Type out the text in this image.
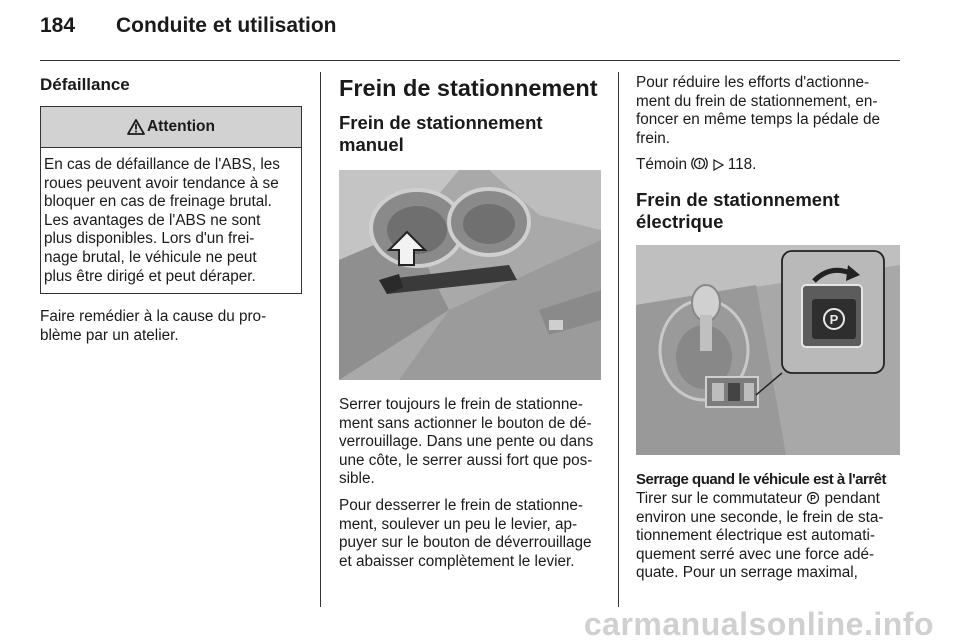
184 Conduite et utilisation
Défaillance
Attention

En cas de défaillance de l'ABS, les
roues peuvent avoir tendance à se
bloquer en cas de freinage brutal.
Les avantages de l'ABS ne sont
plus disponibles. Lors d'un frei-
nage brutal, le véhicule ne peut
plus être dirigé et peut déraper.

Faire remédier à la cause du pro-
blème par un atelier.

Frein de stationnement
Frein de stationnement manuel

Serrer toujours le frein de stationne-
ment sans actionner le bouton de dé-
verrouillage. Dans une pente ou dans
une côte, le serrer aussi fort que pos-
sible.

Pour desserrer le frein de stationne-
ment, soulever un peu le levier, ap-
puyer sur le bouton de déverrouillage
et abaisser complètement le levier.

Pour réduire les efforts d'actionne-
ment du frein de stationnement, en-
foncer en même temps la pédale de
frein.

Témoin	118.

Frein de stationnement
électrique
P
Serrage quand le véhicule est à l'arrêt

Tirer sur le commutateur P pendant
environ une seconde, le frein de sta-
tionnement électrique est automati-
quement serré avec une force adé-
quate. Pour un serrage maximal,

carmanualsonline.info
